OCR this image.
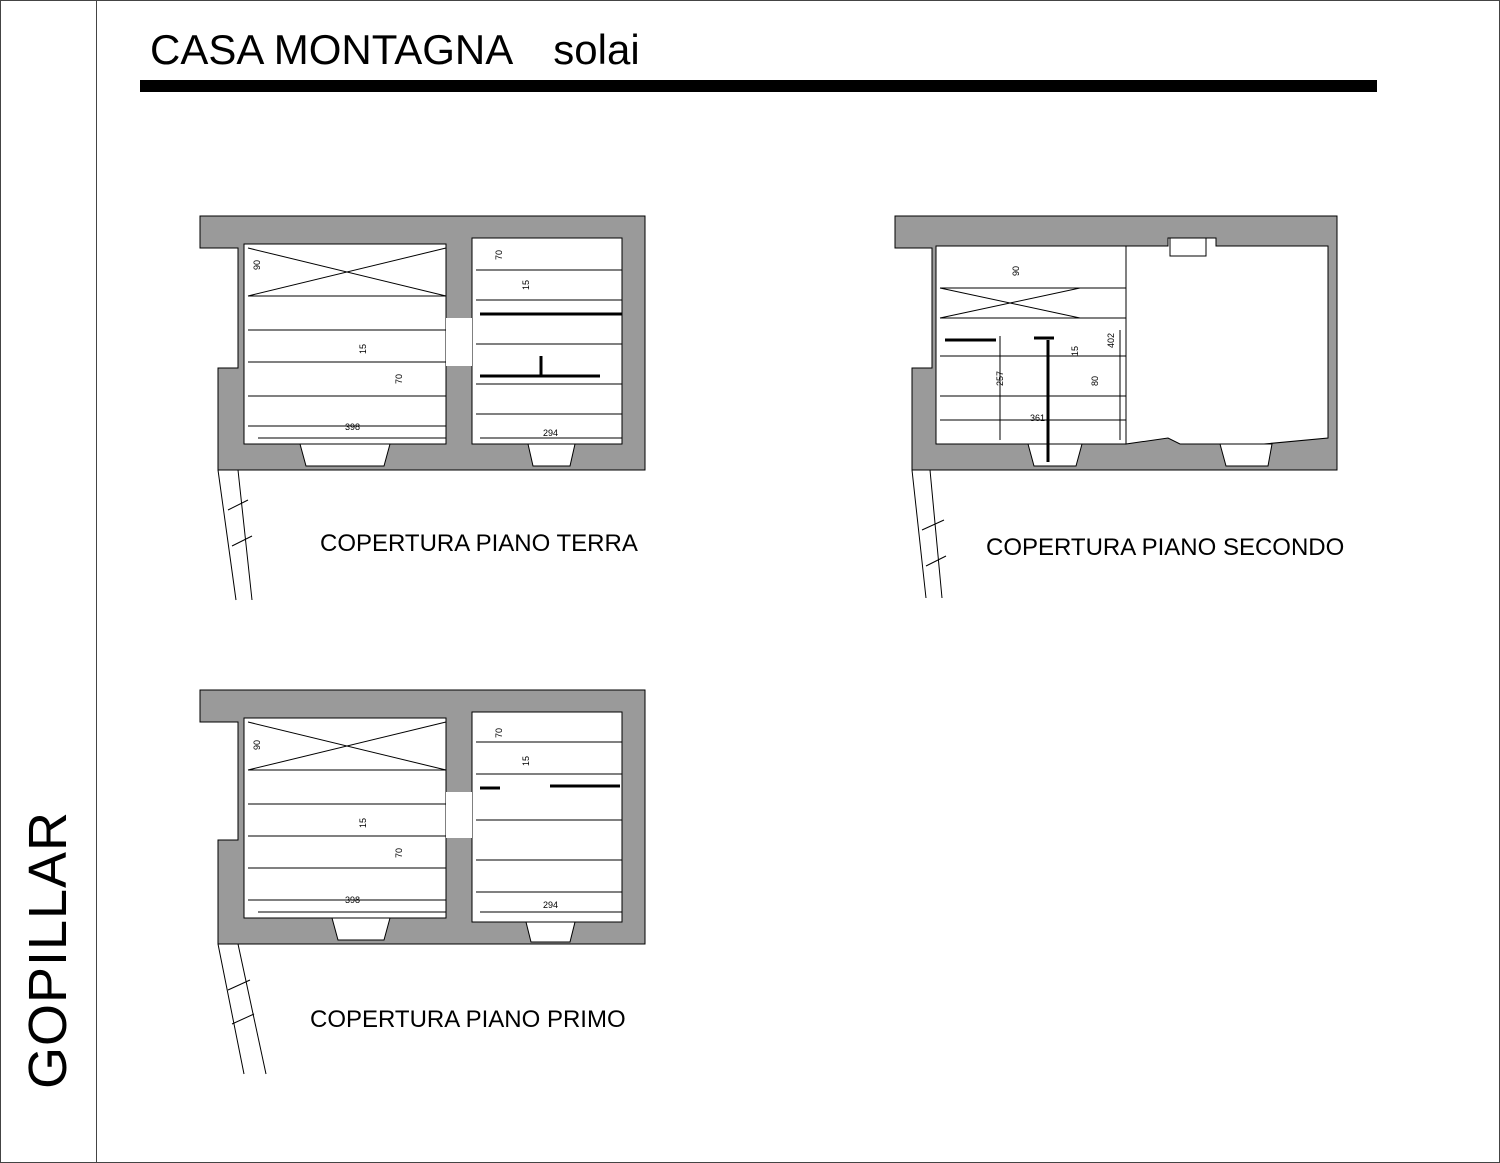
GOPILLAR
CASA MONTAGNA solai
90
70
15
15
70
398
294
COPERTURA PIANO TERRA
90
257
15
80
402
361
COPERTURA PIANO SECONDO
90
70
15
15
70
398	294
COPERTURA PIANO PRIMO
